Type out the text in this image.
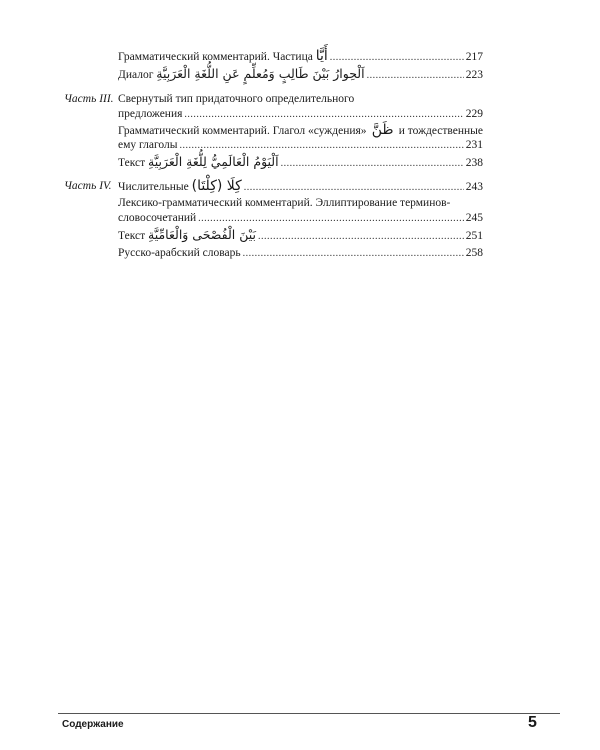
Грамматический комментарий. Частица أَيَّا .....	217
Диалог اَلْحِوارُ بَيْنَ طَالِبٍ وَمُعلِّمٍ عَنِ اللُّغَةِ الْعَرَبِيَّةِ .....	223
Часть III. Свернутый тип придаточного определительного
предложения .....	229
Грамматический комментарий. Глагол «суждения» ظَنَّ и тождественные
ему глаголы .....	231
Текст اَلْيَوْمُ الْعَالَمِيُّ لِلُّغَةِ الْعَرَبِيَّةِ .....	238
Часть IV. Числительные كِلَا (كِلْتَا) .....	243
Лексико-грамматический комментарий. Эллиптирование терминов-
словосочетаний .....	245
Текст بَيْنَ الْفُصْحَى وَالْعَامِّيَّةِ .....	251
Русско-арабский словарь .....	258
Содержание	5
